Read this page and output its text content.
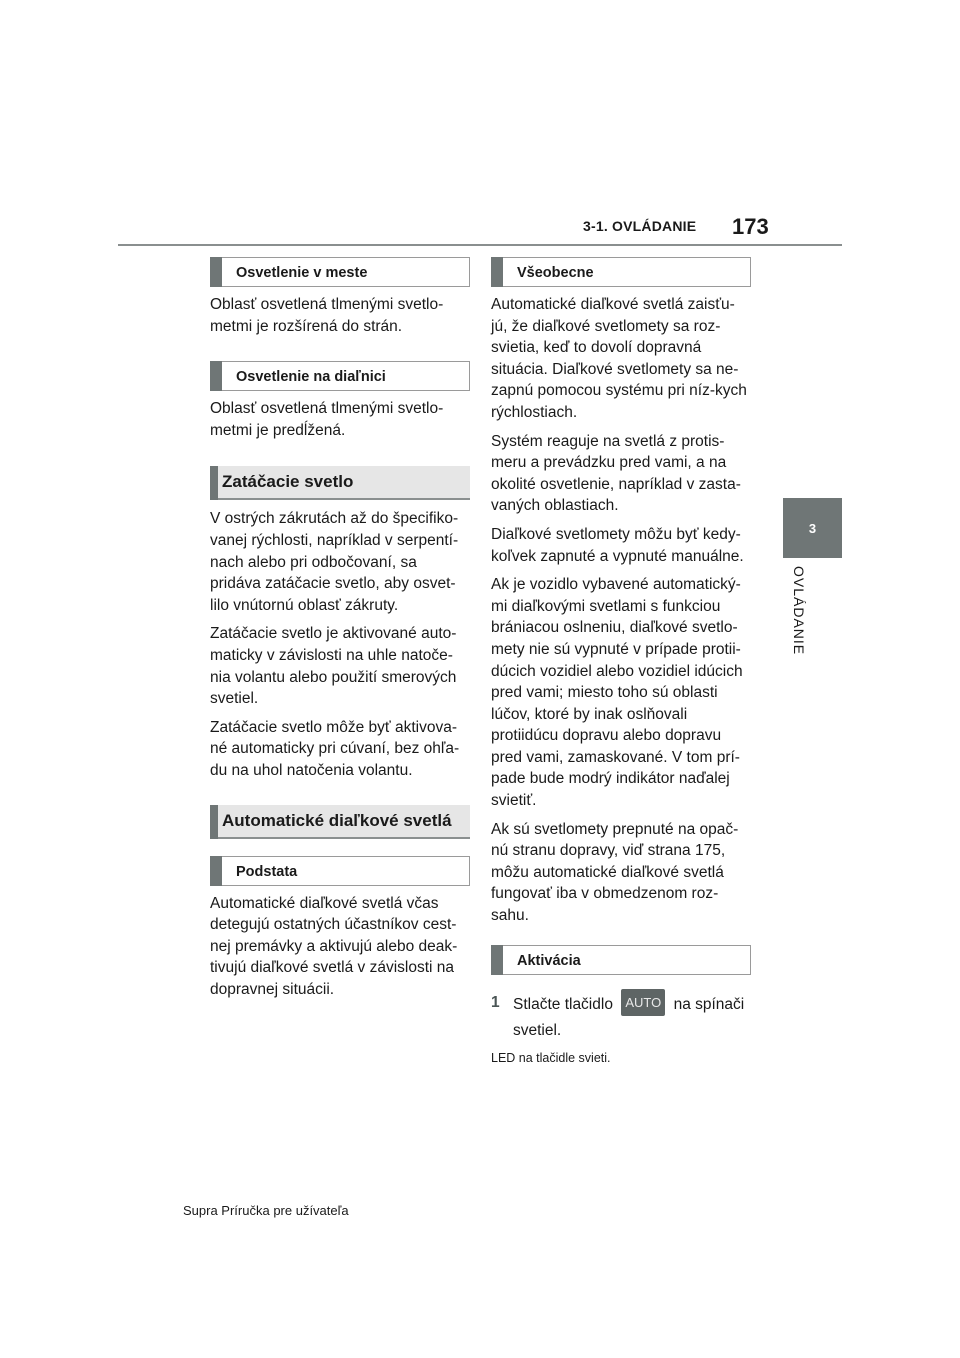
3-1. OVLÁDANIE 173
3
OVLÁDANIE
Osvetlenie v meste

Oblasť osvetlená tlmenými svetlo-metmi je rozšírená do strán.

Osvetlenie na diaľnici

Oblasť osvetlená tlmenými svetlo-metmi je predĺžená.

Zatáčacie svetlo

V ostrých zákrutách až do špecifiko-vanej rýchlosti, napríklad v serpentí-nach alebo pri odbočovaní, sa pridáva zatáčacie svetlo, aby osvet-lilo vnútornú oblasť zákruty.

Zatáčacie svetlo je aktivované auto-maticky v závislosti na uhle natoče-nia volantu alebo použití smerových svetiel.

Zatáčacie svetlo môže byť aktivova-né automaticky pri cúvaní, bez ohľa-du na uhol natočenia volantu.

Automatické diaľkové svetlá
Podstata

Automatické diaľkové svetlá včas detegujú ostatných účastníkov cest-nej premávky a aktivujú alebo deak-tivujú diaľkové svetlá v závislosti na dopravnej situácii.

Všeobecne

Automatické diaľkové svetlá zaisťu-jú, že diaľkové svetlomety sa roz-svietia, keď to dovolí dopravná situácia. Diaľkové svetlomety sa ne-zapnú pomocou systému pri níz-kych rýchlostiach.

Systém reaguje na svetlá z protis-meru a prevádzku pred vami, a na okolité osvetlenie, napríklad v zasta-vaných oblastiach.

Diaľkové svetlomety môžu byť kedy-koľvek zapnuté a vypnuté manuálne.

Ak je vozidlo vybavené automatický-mi diaľkovými svetlami s funkciou brániacou oslneniu, diaľkové svetlo-mety nie sú vypnuté v prípade protii-dúcich vozidiel alebo vozidiel idúcich pred vami; miesto toho sú oblasti lúčov, ktoré by inak oslňovali protiidúcu dopravu alebo dopravu pred vami, zamaskované. V tom prí-pade bude modrý indikátor naďalej svietiť.

Ak sú svetlomety prepnuté na opač-nú stranu dopravy, viď strana 175, môžu automatické diaľkové svetlá fungovať iba v obmedzenom roz-sahu.

Aktivácia
1 Stlačte tlačidlo AUTO na spínači svetiel.

LED na tlačidle svieti.

Supra Príručka pre užívateľa
